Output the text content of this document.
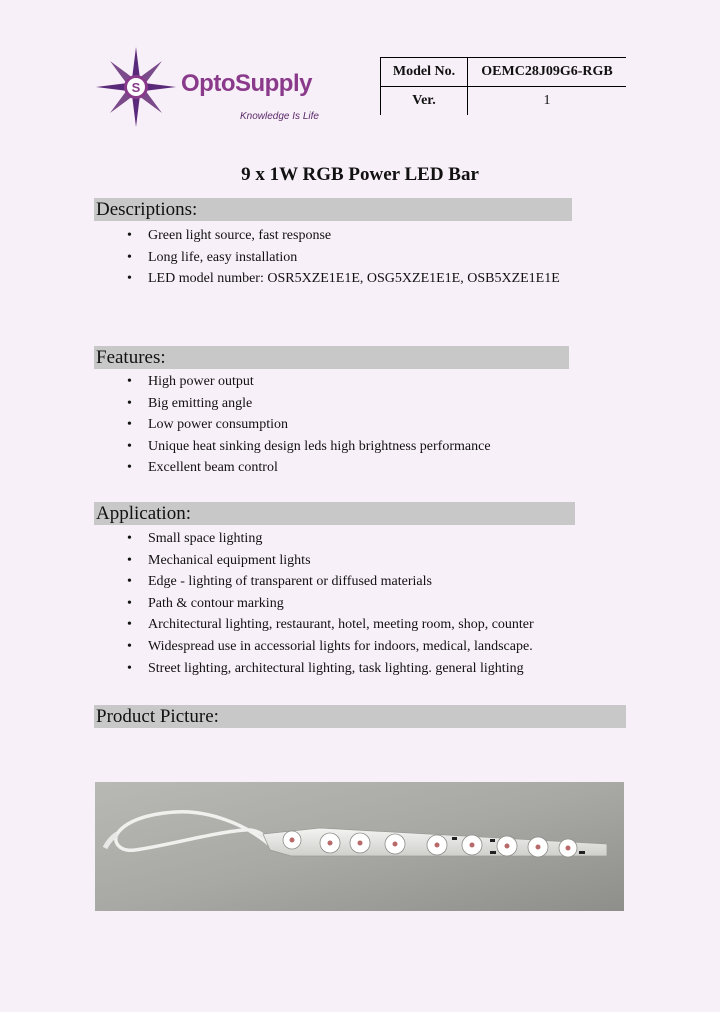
S OptoSupply
Knowledge Is Life
Model No.	OEMC28J09G6-RGB
Ver.	1
9 x 1W RGB Power LED Bar
Descriptions:
• Green light source, fast response
• Long life, easy installation
• LED model number: OSR5XZE1E1E, OSG5XZE1E1E, OSB5XZE1E1E
Features:
• High power output
• Big emitting angle
• Low power consumption
• Unique heat sinking design leds high brightness performance
• Excellent beam control
Application:
• Small space lighting
• Mechanical equipment lights
• Edge - lighting of transparent or diffused materials
• Path & contour marking
• Architectural lighting, restaurant, hotel, meeting room, shop, counter
• Widespread use in accessorial lights for indoors, medical, landscape.
• Street lighting, architectural lighting, task lighting. general lighting
Product Picture:
